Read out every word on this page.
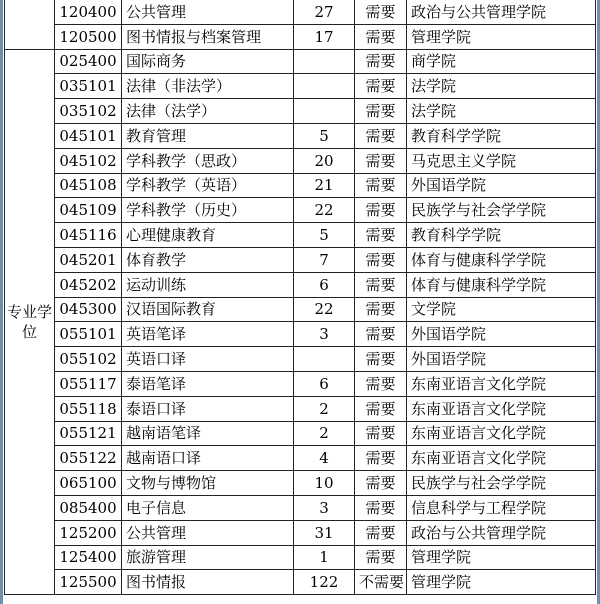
	120400	公共管理	27	需要	政治与公共管理学院
	120500	图书情报与档案管理	17	需要	管理学院
专业学位	025400	国际商务		需要	商学院
	035101	法律（非法学）		需要	法学院
	035102	法律（法学）		需要	法学院
	045101	教育管理	5	需要	教育科学学院
	045102	学科教学（思政）	20	需要	马克思主义学院
	045108	学科教学（英语）	21	需要	外国语学院
	045109	学科教学（历史）	22	需要	民族学与社会学学院
	045116	心理健康教育	5	需要	教育科学学院
	045201	体育教学	7	需要	体育与健康科学学院
	045202	运动训练	6	需要	体育与健康科学学院
	045300	汉语国际教育	22	需要	文学院
	055101	英语笔译	3	需要	外国语学院
	055102	英语口译		需要	外国语学院
	055117	泰语笔译	6	需要	东南亚语言文化学院
	055118	泰语口译	2	需要	东南亚语言文化学院
	055121	越南语笔译	2	需要	东南亚语言文化学院
	055122	越南语口译	4	需要	东南亚语言文化学院
	065100	文物与博物馆	10	需要	民族学与社会学学院
	085400	电子信息	3	需要	信息科学与工程学院
	125200	公共管理	31	需要	政治与公共管理学院
	125400	旅游管理	1	需要	管理学院
	125500	图书情报	122	不需要	管理学院
